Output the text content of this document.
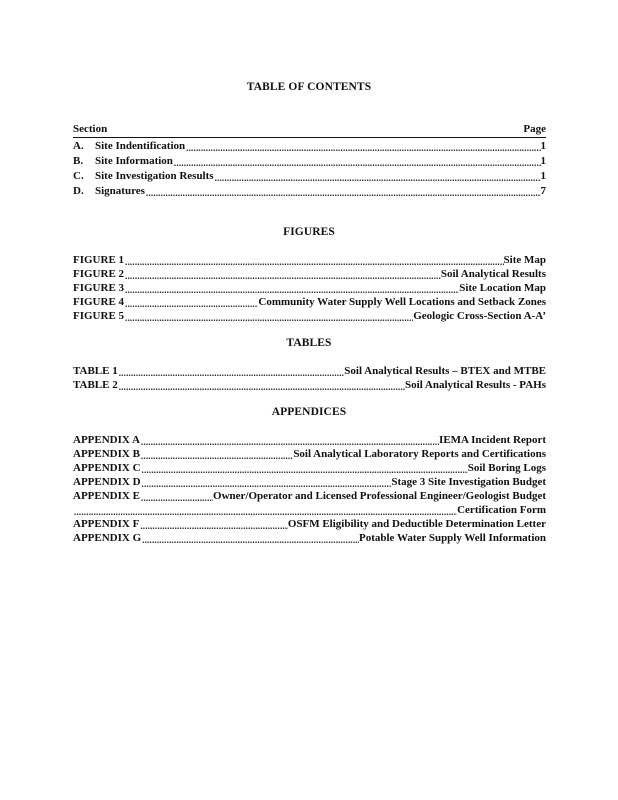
TABLE OF CONTENTS
Section	Page
A.	Site Indentification .....	1
B.	Site Information .....	1
C.	Site Investigation Results .....	1
D.	Signatures .....	7
FIGURES
FIGURE 1 .....	Site Map
FIGURE 2 .....	Soil Analytical Results
FIGURE 3 .....	Site Location Map
FIGURE 4 .....	Community Water Supply Well Locations and Setback Zones
FIGURE 5 .....	Geologic Cross-Section A-A’
TABLES
TABLE 1 .....	Soil Analytical Results – BTEX and MTBE
TABLE 2 .....	Soil Analytical Results - PAHs
APPENDICES
APPENDIX A .....	IEMA Incident Report
APPENDIX B .....	Soil Analytical Laboratory Reports and Certifications
APPENDIX C .....	Soil Boring Logs
APPENDIX D .....	Stage 3 Site Investigation Budget
APPENDIX E .....	Owner/Operator and Licensed Professional Engineer/Geologist Budget
.....
Certification Form
APPENDIX F .....	OSFM Eligibility and Deductible Determination Letter
APPENDIX G .....	Potable Water Supply Well Information
